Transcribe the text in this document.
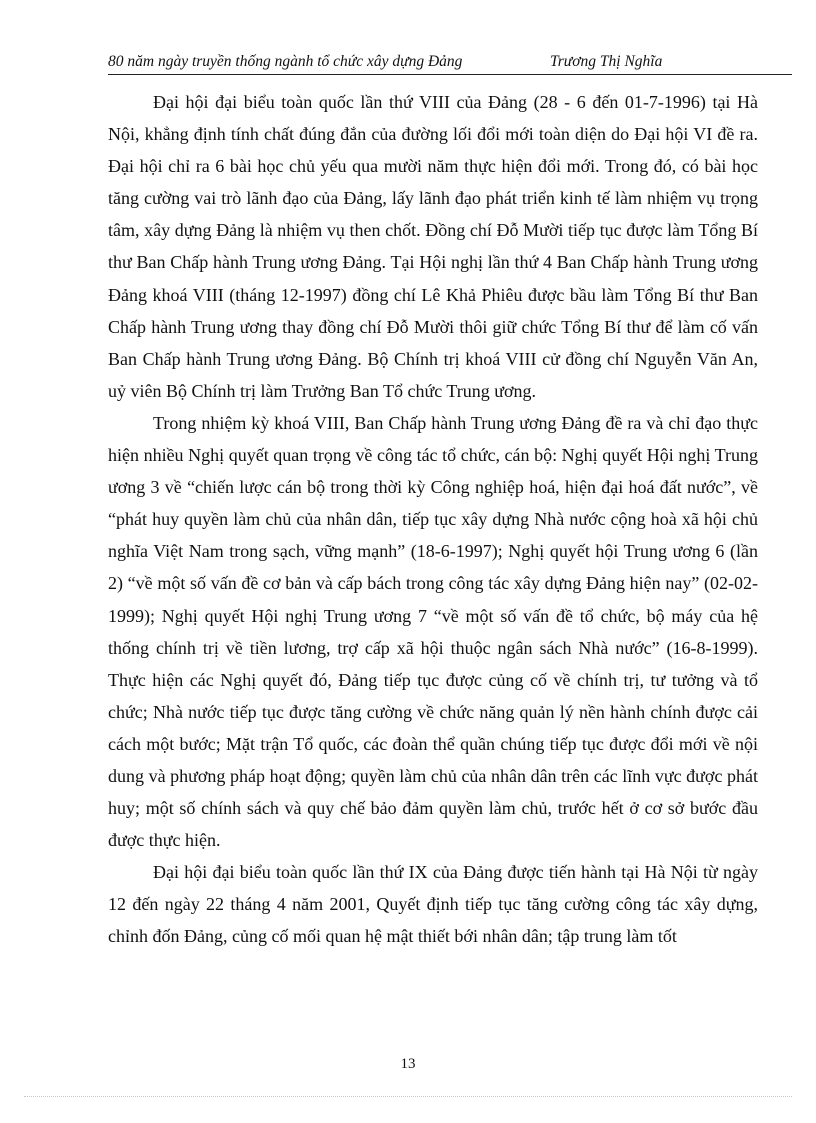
80 năm ngày truyền thống ngành tổ chức xây dựng Đảng	Trương Thị Nghĩa

Đại hội đại biểu toàn quốc lần thứ VIII của Đảng (28 - 6 đến 01-7-1996) tại Hà Nội, khẳng định tính chất đúng đắn của đường lối đổi mới toàn diện do Đại hội VI đề ra. Đại hội chỉ ra 6 bài học chủ yếu qua mười năm thực hiện đổi mới. Trong đó, có bài học tăng cường vai trò lãnh đạo của Đảng, lấy lãnh đạo phát triển kinh tế làm nhiệm vụ trọng tâm, xây dựng Đảng là nhiệm vụ then chốt. Đồng chí Đỗ Mười tiếp tục được làm Tổng Bí thư Ban Chấp hành Trung ương Đảng. Tại Hội nghị lần thứ 4 Ban Chấp hành Trung ương Đảng khoá VIII (tháng 12-1997) đồng chí Lê Khả Phiêu được bầu làm Tổng Bí thư Ban Chấp hành Trung ương thay đồng chí Đỗ Mười thôi giữ chức Tổng Bí thư để làm cố vấn Ban Chấp hành Trung ương Đảng. Bộ Chính trị khoá VIII cử đồng chí Nguyễn Văn An, uỷ viên Bộ Chính trị làm Trưởng Ban Tổ chức Trung ương.

Trong nhiệm kỳ khoá VIII, Ban Chấp hành Trung ương Đảng đề ra và chỉ đạo thực hiện nhiều Nghị quyết quan trọng về công tác tổ chức, cán bộ: Nghị quyết Hội nghị Trung ương 3 về “chiến lược cán bộ trong thời kỳ Công nghiệp hoá, hiện đại hoá đất nước”, về “phát huy quyền làm chủ của nhân dân, tiếp tục xây dựng Nhà nước cộng hoà xã hội chủ nghĩa Việt Nam trong sạch, vững mạnh” (18-6-1997); Nghị quyết hội Trung ương 6 (lần 2) “về một số vấn đề cơ bản và cấp bách trong công tác xây dựng Đảng hiện nay” (02-02-1999); Nghị quyết Hội nghị Trung ương 7 “về một số vấn đề tổ chức, bộ máy của hệ thống chính trị về tiền lương, trợ cấp xã hội thuộc ngân sách Nhà nước” (16-8-1999). Thực hiện các Nghị quyết đó, Đảng tiếp tục được củng cố về chính trị, tư tưởng và tổ chức; Nhà nước tiếp tục được tăng cường về chức năng quản lý nền hành chính được cải cách một bước; Mặt trận Tổ quốc, các đoàn thể quần chúng tiếp tục được đổi mới về nội dung và phương pháp hoạt động; quyền làm chủ của nhân dân trên các lĩnh vực được phát huy; một số chính sách và quy chế bảo đảm quyền làm chủ, trước hết ở cơ sở bước đầu được thực hiện.

Đại hội đại biểu toàn quốc lần thứ IX của Đảng được tiến hành tại Hà Nội từ ngày 12 đến ngày 22 tháng 4 năm 2001, Quyết định tiếp tục tăng cường công tác xây dựng, chỉnh đốn Đảng, củng cố mối quan hệ mật thiết bới nhân dân; tập trung làm tốt

13
